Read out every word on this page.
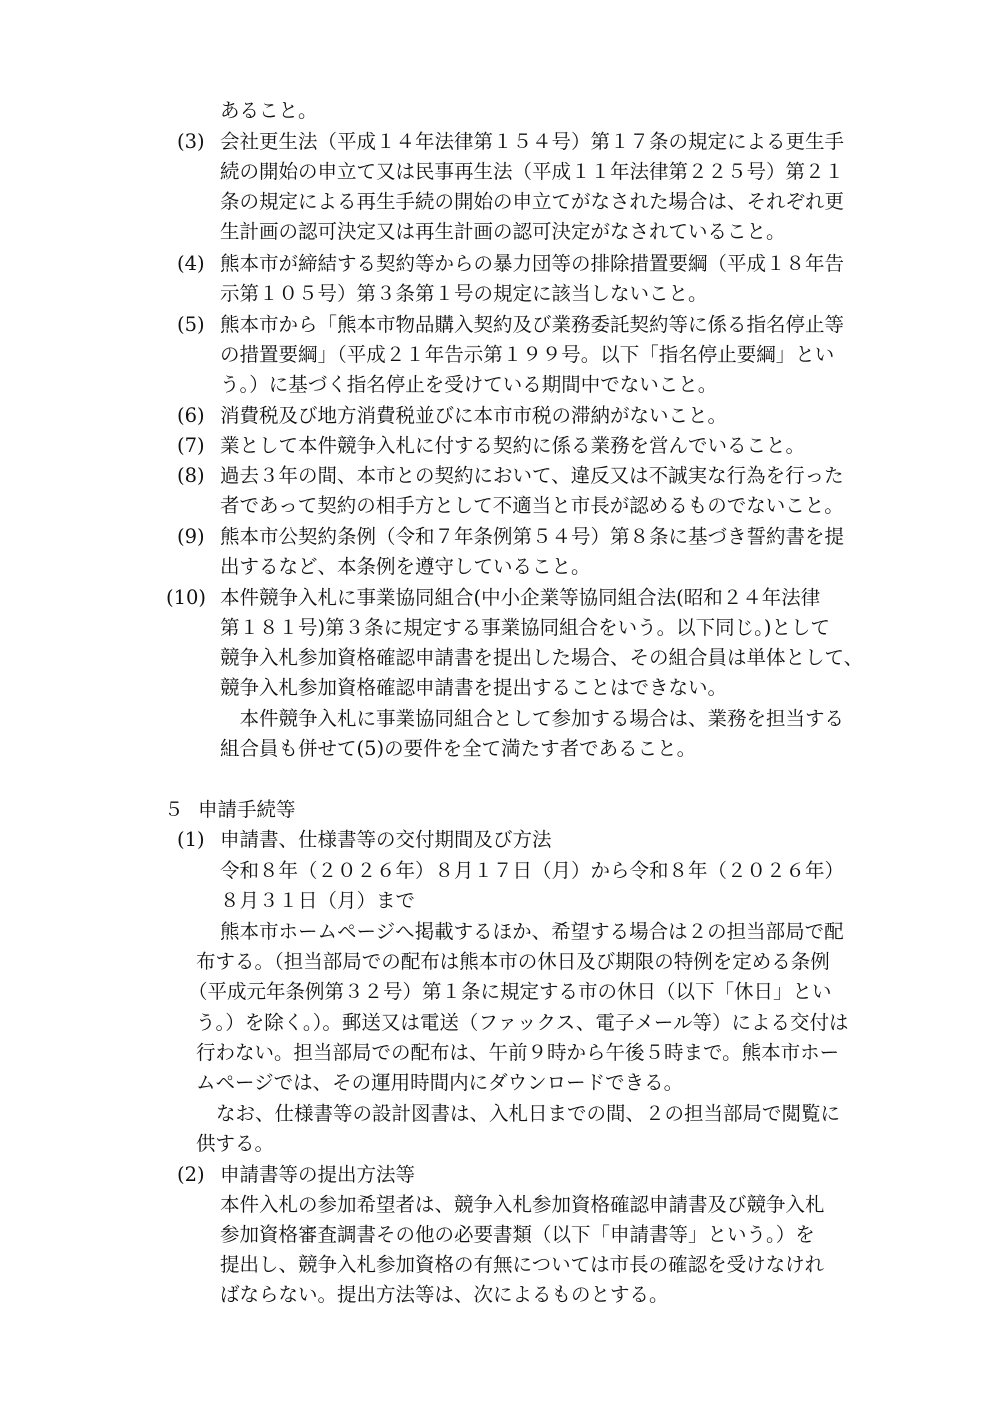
あること。
(3) 会社更生法（平成１４年法律第１５４号）第１７条の規定による更生手
続の開始の申立て又は民事再生法（平成１１年法律第２２５号）第２１
条の規定による再生手続の開始の申立てがなされた場合は、それぞれ更
生計画の認可決定又は再生計画の認可決定がなされていること。
(4) 熊本市が締結する契約等からの暴力団等の排除措置要綱（平成１８年告
示第１０５号）第３条第１号の規定に該当しないこと。
(5) 熊本市から「熊本市物品購入契約及び業務委託契約等に係る指名停止等
の措置要綱」（平成２１年告示第１９９号。以下「指名停止要綱」とい
う。）に基づく指名停止を受けている期間中でないこと。
(6) 消費税及び地方消費税並びに本市市税の滞納がないこと。
(7) 業として本件競争入札に付する契約に係る業務を営んでいること。
(8) 過去３年の間、本市との契約において、違反又は不誠実な行為を行った
者であって契約の相手方として不適当と市長が認めるものでないこと。
(9) 熊本市公契約条例（令和７年条例第５４号）第８条に基づき誓約書を提
出するなど、本条例を遵守していること。
(10) 本件競争入札に事業協同組合(中小企業等協同組合法(昭和２４年法律
第１８１号)第３条に規定する事業協同組合をいう。以下同じ。)として
競争入札参加資格確認申請書を提出した場合、その組合員は単体として、
競争入札参加資格確認申請書を提出することはできない。
　本件競争入札に事業協同組合として参加する場合は、業務を担当する
組合員も併せて(5)の要件を全て満たす者であること。
５ 申請手続等
(1) 申請書、仕様書等の交付期間及び方法
令和８年（２０２６年）８月１７日（月）から令和８年（２０２６年）
８月３１日（月）まで
熊本市ホームページへ掲載するほか、希望する場合は２の担当部局で配
布する。（担当部局での配布は熊本市の休日及び期限の特例を定める条例
（平成元年条例第３２号）第１条に規定する市の休日（以下「休日」とい
う。）を除く。）。郵送又は電送（ファックス、電子メール等）による交付は
行わない。担当部局での配布は、午前９時から午後５時まで。熊本市ホー
ムページでは、その運用時間内にダウンロードできる。
なお、仕様書等の設計図書は、入札日までの間、２の担当部局で閲覧に
供する。
(2) 申請書等の提出方法等
本件入札の参加希望者は、競争入札参加資格確認申請書及び競争入札
参加資格審査調書その他の必要書類（以下「申請書等」という。）を
提出し、競争入札参加資格の有無については市長の確認を受けなけれ
ばならない。提出方法等は、次によるものとする。
